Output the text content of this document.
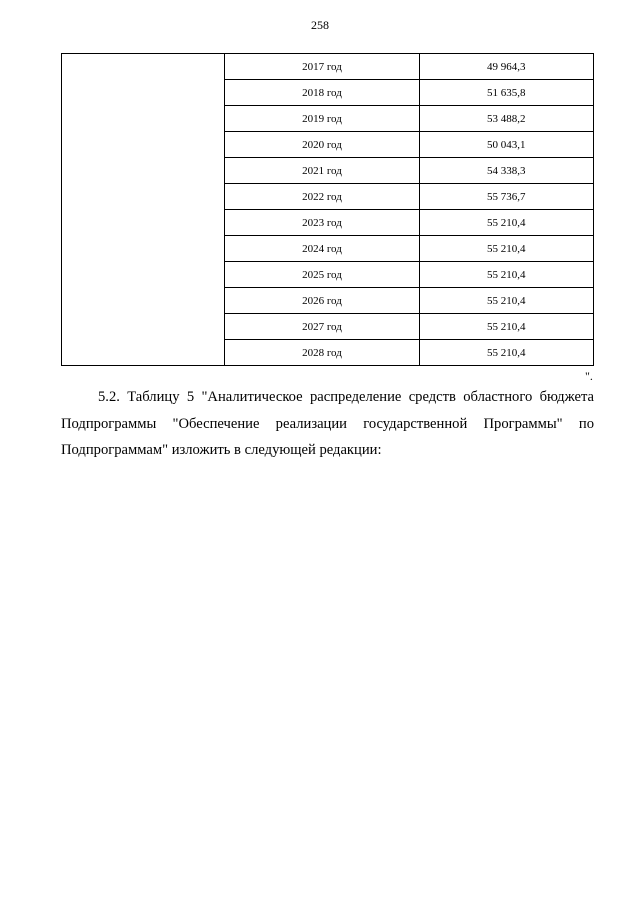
258
	2017 год	49 964,3
	2018 год	51 635,8
	2019 год	53 488,2
	2020 год	50 043,1
	2021 год	54 338,3
	2022 год	55 736,7
	2023 год	55 210,4
	2024 год	55 210,4
	2025 год	55 210,4
	2026 год	55 210,4
	2027 год	55 210,4
	2028 год	55 210,4
".

5.2. Таблицу 5 "Аналитическое распределение средств областного бюджета Подпрограммы "Обеспечение реализации государственной Программы" по Подпрограммам" изложить в следующей редакции:
